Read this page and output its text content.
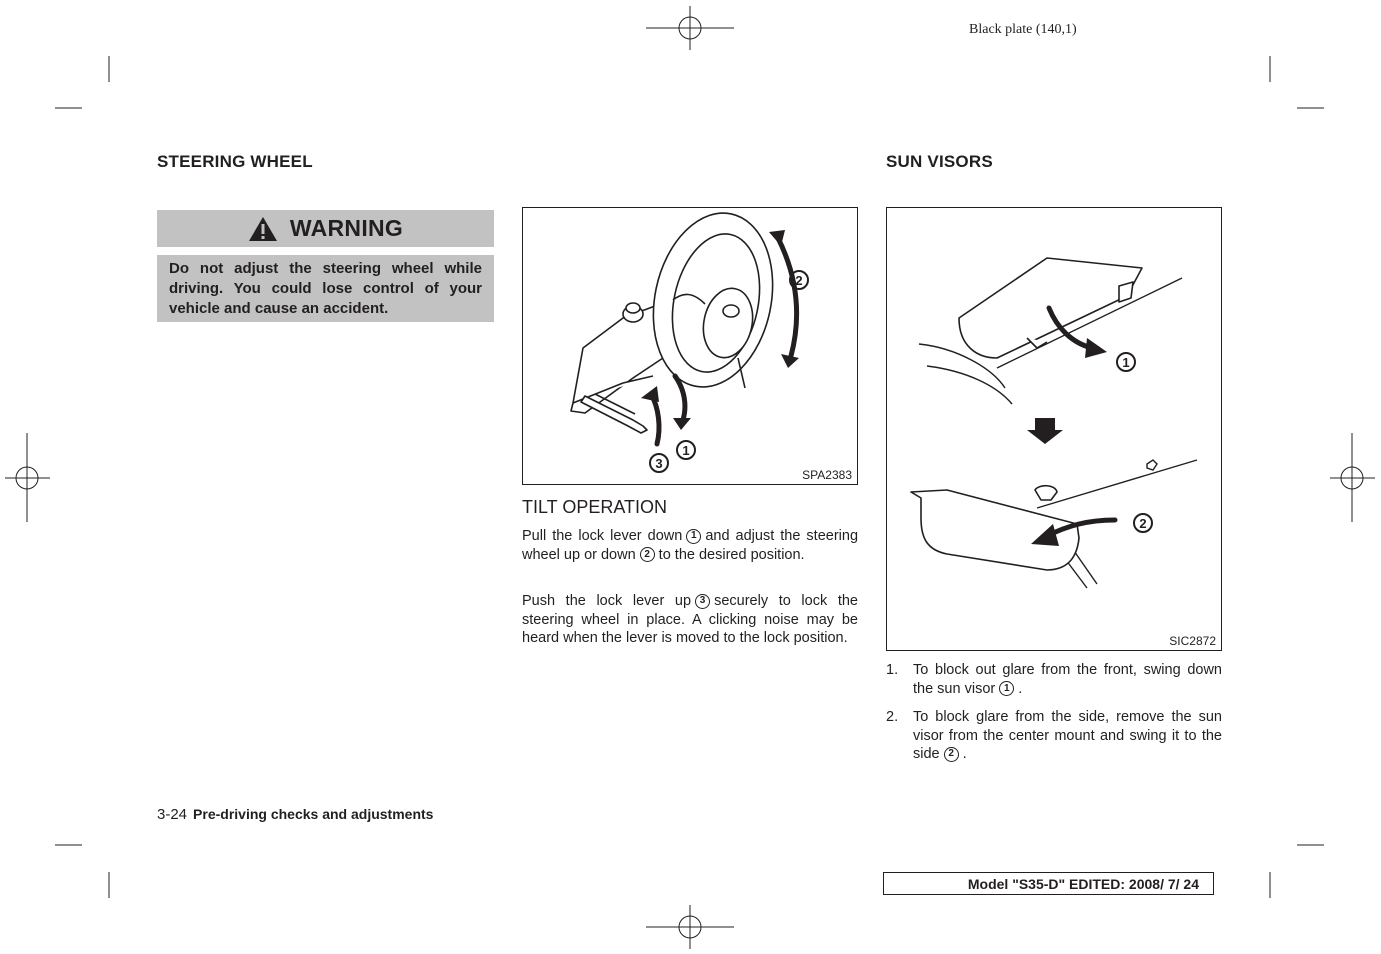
Black plate (140,1)
STEERING WHEEL
WARNING
Do not adjust the steering wheel while driving. You could lose control of your vehicle and cause an accident.
2
1
3
SPA2383
TILT OPERATION
Pull the lock lever down 1 and adjust the steering wheel up or down 2 to the desired position.
Push the lock lever up 3 securely to lock the steering wheel in place. A clicking noise may be heard when the lever is moved to the lock position.
SUN VISORS
1
2
SIC2872
1. To block out glare from the front, swing down the sun visor 1 .
2. To block glare from the side, remove the sun visor from the center mount and swing it to the side 2 .
3-24 Pre-driving checks and adjustments
Model "S35-D" EDITED: 2008/ 7/ 24
